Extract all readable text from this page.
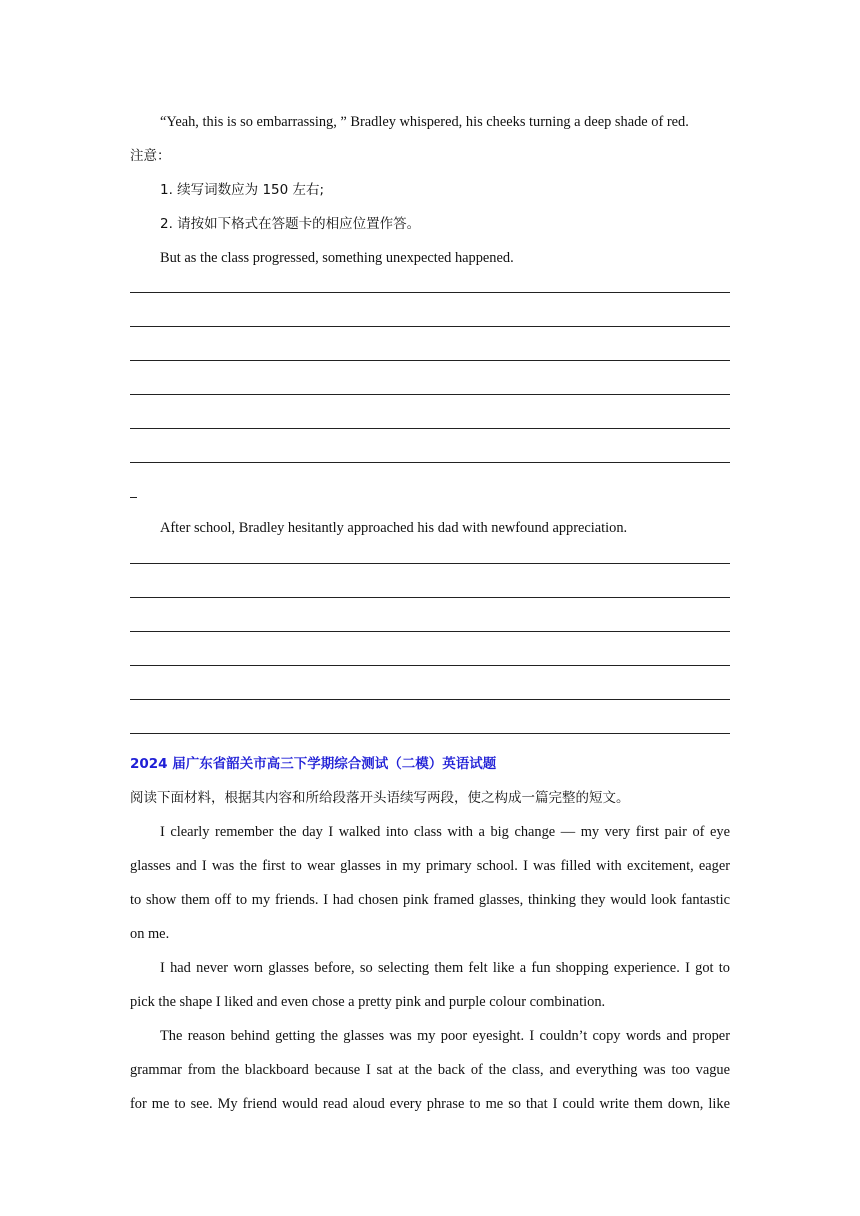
“Yeah, this is so embarrassing, ” Bradley whispered, his cheeks turning a deep shade of red.
注意：
1. 续写词数应为 150 左右;
2. 请按如下格式在答题卡的相应位置作答。
But as the class progressed, something unexpected happened.
After school, Bradley hesitantly approached his dad with newfound appreciation.
2024 届广东省韶关市高三下学期综合测试（二模）英语试题
阅读下面材料，根据其内容和所给段落开头语续写两段，使之构成一篇完整的短文。
I clearly remember the day I walked into class with a big change — my very first pair of eye
glasses and I was the first to wear glasses in my primary school. I was filled with excitement, eager
to show them off to my friends. I had chosen pink framed glasses, thinking they would look fantastic
on me.
I had never worn glasses before, so selecting them felt like a fun shopping experience. I got to
pick the shape I liked and even chose a pretty pink and purple colour combination.
The reason behind getting the glasses was my poor eyesight. I couldn’t copy words and proper
grammar from the blackboard because I sat at the back of the class, and everything was too vague
for me to see. My friend would read aloud every phrase to me so that I could write them down, like
